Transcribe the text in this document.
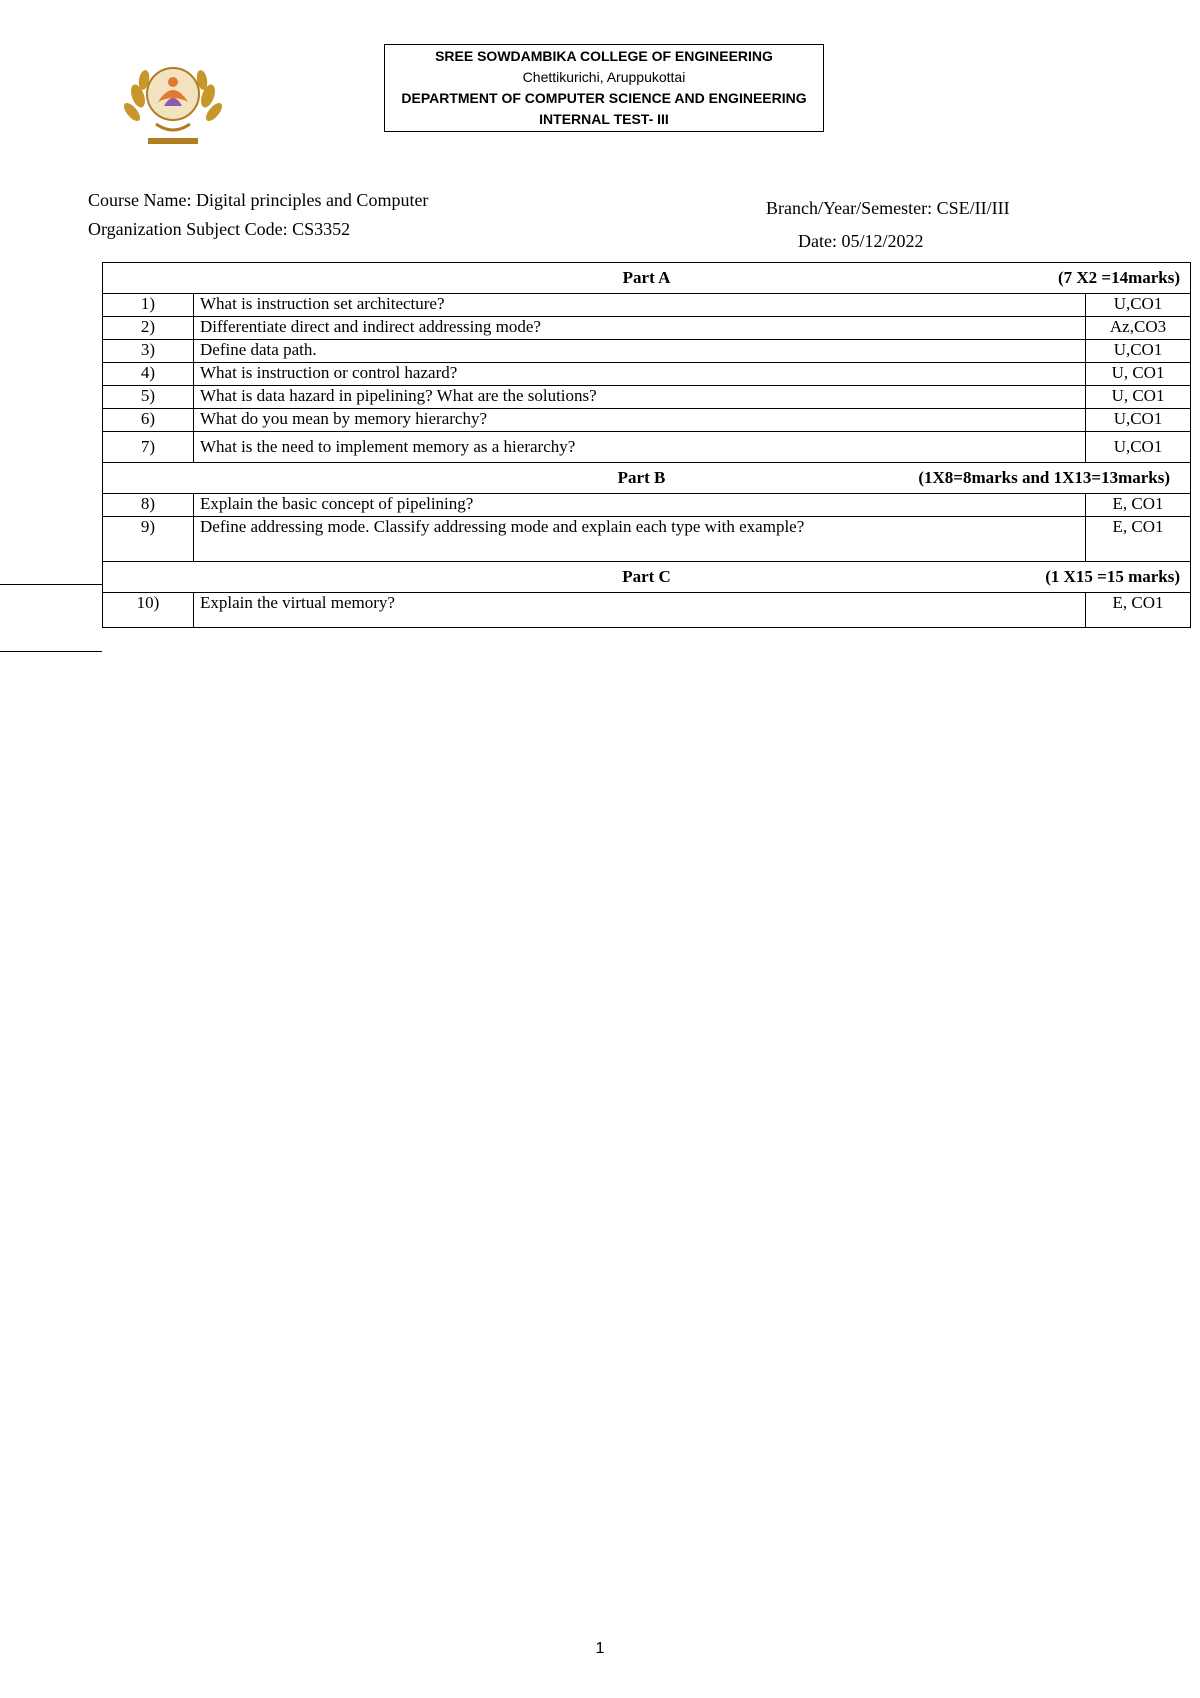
SREE SOWDAMBIKA COLLEGE OF ENGINEERING
Chettikurichi, Aruppukottai
DEPARTMENT OF COMPUTER SCIENCE AND ENGINEERING
INTERNAL TEST- III
Course Name: Digital principles and Computer
Organization Subject Code: CS3352
Branch/Year/Semester: CSE/II/III
Date: 05/12/2022
Part A (7 X2 =14marks)		

1)	What is instruction set architecture?	U,CO1
2)	Differentiate direct and indirect addressing mode?	Az,CO3
3)	Define data path.	U,CO1
4)	What is instruction or control hazard?	U, CO1
5)	What is data hazard in pipelining? What are the solutions?	U, CO1
6)	What do you mean by memory hierarchy?	U,CO1
7)	What is the need to implement memory as a hierarchy?	U,CO1

Part B (1X8=8marks and 1X13=13marks)		

8)	Explain the basic concept of pipelining?	E, CO1
9)	Define addressing mode. Classify addressing mode and explain each type with example?	E, CO1

Part C (1 X15 =15 marks)		

10)	Explain the virtual memory?	E, CO1
1
